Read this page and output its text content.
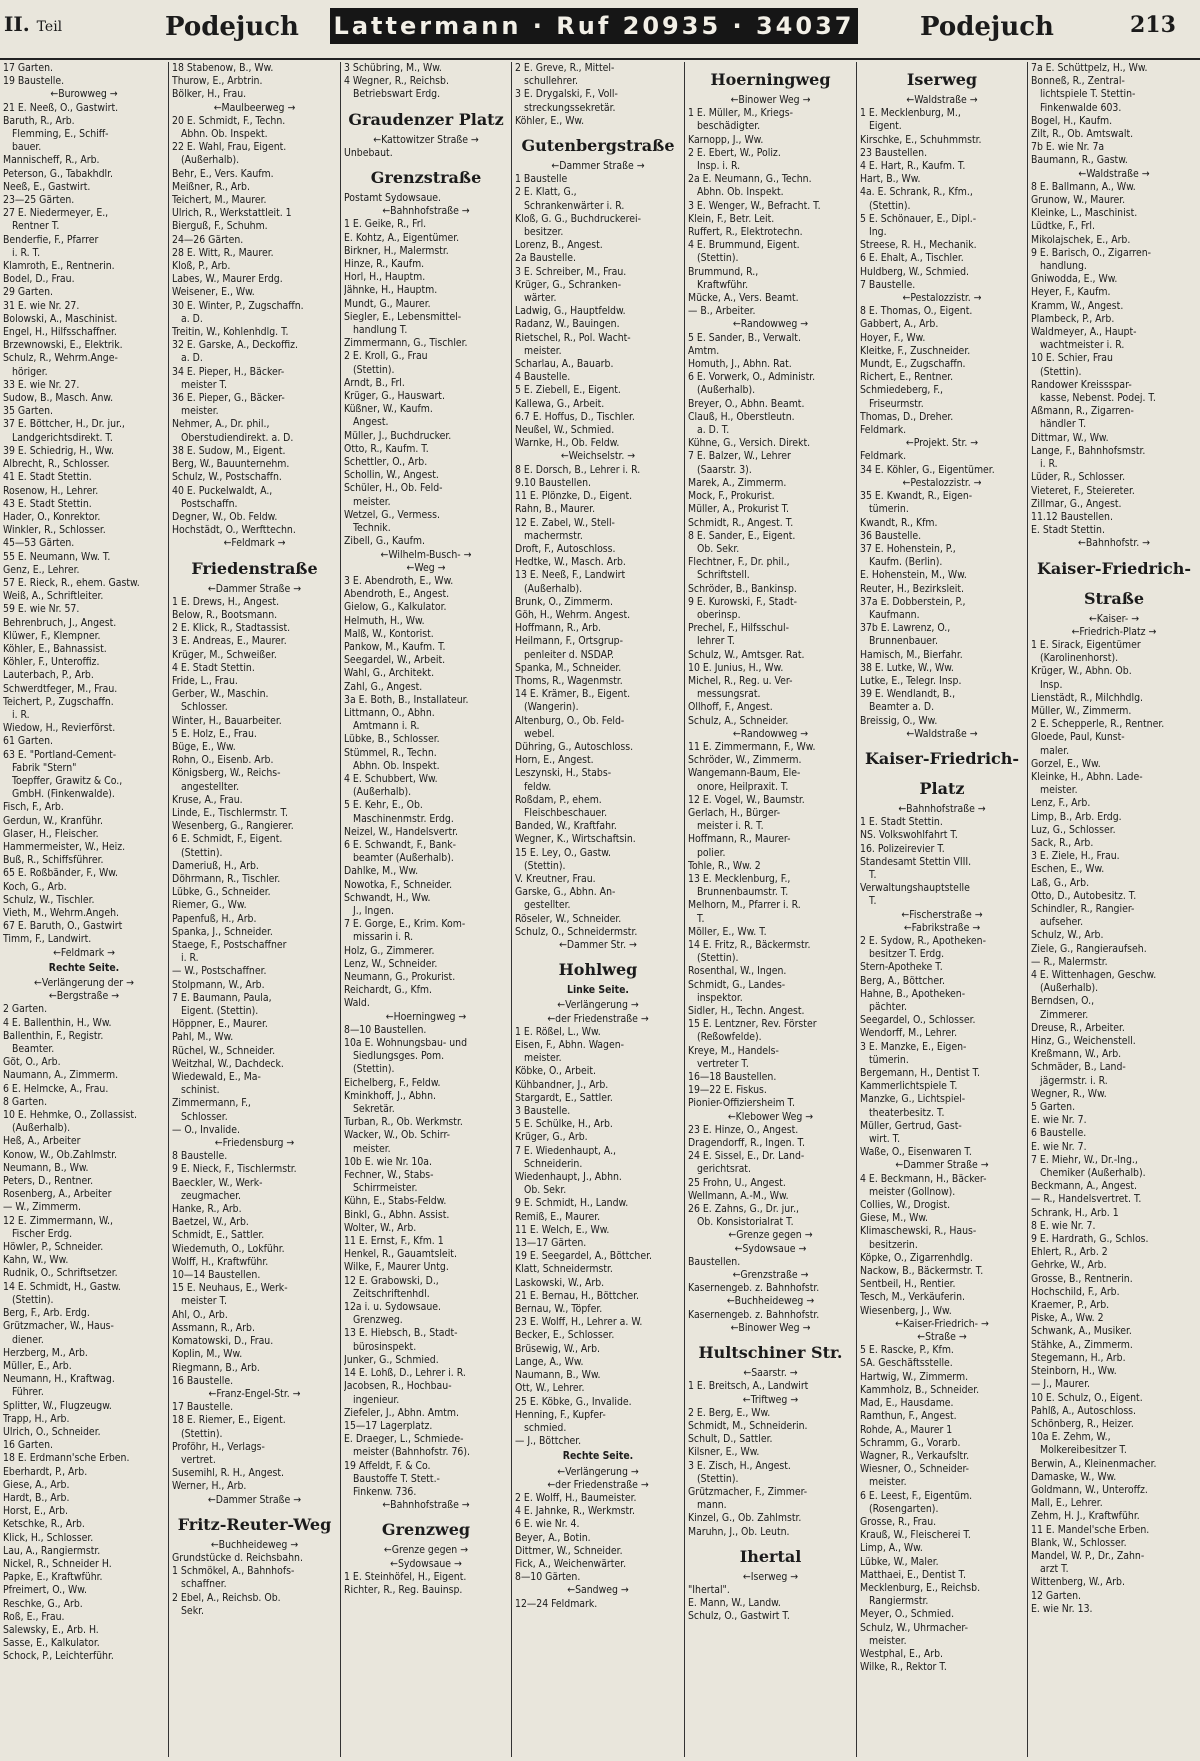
II. Teil	Podejuch Lattermann · Ruf 20935 · 34037	Podejuch	213
17 Garten.
19 Baustelle.
← Burowweg →
21 E. Neeß, O., Gastwirt.
Baruth, R., Arb.
Flemming, E., Schiff-
bauer.
Mannischeff, R., Arb.
Peterson, G., Tabakhdlr.
Neeß, E., Gastwirt.
23—25 Gärten.
27 E. Niedermeyer, E.,
Rentner T.
Benderfie, F., Pfarrer
i. R. T.
Klamroth, E., Rentnerin.
Bodel, D., Frau.
29 Garten.
31 E. wie Nr. 27.
Bolowski, A., Maschinist.
Engel, H., Hilfsschaffner.
Brzewnowski, E., Elektrik.
Schulz, R., Wehrm.Ange-
höriger.
33 E. wie Nr. 27.
Sudow, B., Masch. Anw.
35 Garten.
37 E. Böttcher, H., Dr. jur.,
Landgerichtsdirekt. T.
39 E. Schiedrig, H., Ww.
Albrecht, R., Schlosser.
41 E. Stadt Stettin.
Rosenow, H., Lehrer.
43 E. Stadt Stettin.
Hader, O., Konrektor.
Winkler, R., Schlosser.
45—53 Gärten.
55 E. Neumann, Ww. T.
Genz, E., Lehrer.
57 E. Rieck, R., ehem. Gastw.
Weiß, A., Schriftleiter.
59 E. wie Nr. 57.
Behrenbruch, J., Angest.
Klüwer, F., Klempner.
Köhler, E., Bahnassist.
Köhler, F., Unteroffiz.
Lauterbach, P., Arb.
Schwerdtfeger, M., Frau.
Teichert, P., Zugschaffn.
i. R.
Wiedow, H., Revierförst.
61 Garten.
63 E. "Portland-Cement-
Fabrik "Stern"
Toepffer, Grawitz & Co.,
GmbH. (Finkenwalde).
Fisch, F., Arb.
Gerdun, W., Kranführ.
Glaser, H., Fleischer.
Hammermeister, W., Heiz.
Buß, R., Schiffsführer.
65 E. Roßbänder, F., Ww.
Koch, G., Arb.
Schulz, W., Tischler.
Vieth, M., Wehrm.Angeh.
67 E. Baruth, O., Gastwirt
Timm, F., Landwirt.
← Feldmark →
Rechte Seite.
← Verlängerung der →
← Bergstraße →
2 Garten.
4 E. Ballenthin, H., Ww.
Ballenthin, F., Registr.
Beamter.
Göt, O., Arb.
Naumann, A., Zimmerm.
6 E. Helmcke, A., Frau.
8 Garten.
10 E. Hehmke, O., Zollassist.
(Außerhalb).
Heß, A., Arbeiter
Konow, W., Ob.Zahlmstr.
Neumann, B., Ww.
Peters, D., Rentner.
Rosenberg, A., Arbeiter
— W., Zimmerm.
12 E. Zimmermann, W.,
Fischer Erdg.
Höwler, P., Schneider.
Kahn, W., Ww.
Rudnik, O., Schriftsetzer.
14 E. Schmidt, H., Gastw.
(Stettin).
Berg, F., Arb. Erdg.
Grützmacher, W., Haus-
diener.
Herzberg, M., Arb.
Müller, E., Arb.
Neumann, H., Kraftwag.
Führer.
Splitter, W., Flugzeugw.
Trapp, H., Arb.
Ulrich, O., Schneider.
16 Garten.
18 E. Erdmann'sche Erben.
Eberhardt, P., Arb.
Giese, A., Arb.
Hardt, B., Arb.
Horst, E., Arb.
Ketschke, R., Arb.
Klick, H., Schlosser.
Lau, A., Rangiermstr.
Nickel, R., Schneider H.
Papke, E., Kraftwführ.
Pfreimert, O., Ww.
Reschke, G., Arb.
Roß, E., Frau.
Salewsky, E., Arb. H.
Sasse, E., Kalkulator.
Schock, P., Leichterführ.
18 Stabenow, B., Ww.
Thurow, E., Arbtrin.
Bölker, H., Frau.
← Maulbeerweg →
20 E. Schmidt, F., Techn.
Abhn. Ob. Inspekt.
22 E. Wahl, Frau, Eigent.
(Außerhalb).
Behr, E., Vers. Kaufm.
Meißner, R., Arb.
Teichert, M., Maurer.
Ulrich, R., Werkstattleit. 1
Bierguß, F., Schuhm.
24—26 Gärten.
28 E. Witt, R., Maurer.
Kloß, P., Arb.
Labes, W., Maurer Erdg.
Weisener, E., Ww.
30 E. Winter, P., Zugschaffn.
a. D.
Treitin, W., Kohlenhdlg. T.
32 E. Garske, A., Deckoffiz.
a. D.
34 E. Pieper, H., Bäcker-
meister T.
36 E. Pieper, G., Bäcker-
meister.
Nehmer, A., Dr. phil.,
Oberstudiendirekt. a. D.
38 E. Sudow, M., Eigent.
Berg, W., Bauunternehm.
Schulz, W., Postschaffn.
40 E. Puckelwaldt, A.,
Postschaffn.
Degner, W., Ob. Feldw.
Hochstädt, O., Werfttechn.
← Feldmark →
Friedenstraße
← Dammer Straße →
1 E. Drews, H., Angest.
Below, R., Bootsmann.
2 E. Klick, R., Stadtassist.
3 E. Andreas, E., Maurer.
Krüger, M., Schweißer.
4 E. Stadt Stettin.
Fride, L., Frau.
Gerber, W., Maschin.
Schlosser.
Winter, H., Bauarbeiter.
5 E. Holz, E., Frau.
Büge, E., Ww.
Rohn, O., Eisenb. Arb.
Königsberg, W., Reichs-
angestellter.
Kruse, A., Frau.
Linde, E., Tischlermstr. T.
Wesenberg, G., Rangierer.
6 E. Schmidt, F., Eigent.
(Stettin).
Dameriuß, H., Arb.
Döhrmann, R., Tischler.
Lübke, G., Schneider.
Riemer, G., Ww.
Papenfuß, H., Arb.
Spanka, J., Schneider.
Staege, F., Postschaffner
i. R.
— W., Postschaffner.
Stolpmann, W., Arb.
7 E. Baumann, Paula,
Eigent. (Stettin).
Höppner, E., Maurer.
Pahl, M., Ww.
Rüchel, W., Schneider.
Weitzhal, W., Dachdeck.
Wiedewald, E., Ma-
schinist.
Zimmermann, F.,
Schlosser.
— O., Invalide.
← Friedensburg →
8 Baustelle.
9 E. Nieck, F., Tischlermstr.
Baeckler, W., Werk-
zeugmacher.
Hanke, R., Arb.
Baetzel, W., Arb.
Schmidt, E., Sattler.
Wiedemuth, O., Lokführ.
Wolff, H., Kraftwführ.
10—14 Baustellen.
15 E. Neuhaus, E., Werk-
meister T.
Ahl, O., Arb.
Assmann, R., Arb.
Komatowski, D., Frau.
Koplin, M., Ww.
Riegmann, B., Arb.
16 Baustelle.
← Franz-Engel-Str. →
17 Baustelle.
18 E. Riemer, E., Eigent.
(Stettin).
Proföhr, H., Verlags-
vertret.
Susemihl, R. H., Angest.
Werner, H., Arb.
← Dammer Straße →
Fritz-Reuter-Weg
← Buchheideweg →
Grundstücke d. Reichsbahn.
1 Schmökel, A., Bahnhofs-
schaffner.
2 Ebel, A., Reichsb. Ob.
Sekr.
3 Schübring, M., Ww.
4 Wegner, R., Reichsb.
Betriebswart Erdg.
Graudenzer Platz
← Kattowitzer Straße →
Unbebaut.
Grenzstraße
Postamt Sydowsaue.
← Bahnhofstraße →
1 E. Geike, R., Frl.
E. Kohtz, A., Eigentümer.
Birkner, H., Malermstr.
Hinze, R., Kaufm.
Horl, H., Hauptm.
Jähnke, H., Hauptm.
Mundt, G., Maurer.
Siegler, E., Lebensmittel-
handlung T.
Zimmermann, G., Tischler.
2 E. Kroll, G., Frau
(Stettin).
Arndt, B., Frl.
Krüger, G., Hauswart.
Küßner, W., Kaufm.
Angest.
Müller, J., Buchdrucker.
Otto, R., Kaufm. T.
Schettler, O., Arb.
Schollin, W., Angest.
Schüler, H., Ob. Feld-
meister.
Wetzel, G., Vermess.
Technik.
Zibell, G., Kaufm.
← Wilhelm-Busch- →
← Weg →
3 E. Abendroth, E., Ww.
Abendroth, E., Angest.
Gielow, G., Kalkulator.
Helmuth, H., Ww.
Malß, W., Kontorist.
Pankow, M., Kaufm. T.
Seegardel, W., Arbeit.
Wahl, G., Architekt.
Zahl, G., Angest.
3a E. Both, B., Installateur.
Littmann, O., Abhn.
Amtmann i. R.
Lübke, B., Schlosser.
Stümmel, R., Techn.
Abhn. Ob. Inspekt.
4 E. Schubbert, Ww.
(Außerhalb).
5 E. Kehr, E., Ob.
Maschinenmstr. Erdg.
Neizel, W., Handelsvertr.
6 E. Schwandt, F., Bank-
beamter (Außerhalb).
Dahlke, M., Ww.
Nowotka, F., Schneider.
Schwandt, H., Ww.
J., Ingen.
7 E. Gorge, E., Krim. Kom-
missarin i. R.
Holz, G., Zimmerer.
Lenz, W., Schneider.
Neumann, G., Prokurist.
Reichardt, G., Kfm.
Wald.
← Hoerningweg →
8—10 Baustellen.
10a E. Wohnungsbau- und
Siedlungsges. Pom.
(Stettin).
Eichelberg, F., Feldw.
Kminkhoff, J., Abhn.
Sekretär.
Turban, R., Ob. Werkmstr.
Wacker, W., Ob. Schirr-
meister.
10b E. wie Nr. 10a.
Fechner, W., Stabs-
Schirrmeister.
Kühn, E., Stabs-Feldw.
Binkl, G., Abhn. Assist.
Wolter, W., Arb.
11 E. Ernst, F., Kfm. 1
Henkel, R., Gauamtsleit.
Wilke, F., Maurer Untg.
12 E. Grabowski, D.,
Zeitschriftenhdl.
12a i. u. Sydowsaue.
Grenzweg.
13 E. Hiebsch, B., Stadt-
bürosinspekt.
Junker, G., Schmied.
14 E. Lohß, D., Lehrer i. R.
Jacobsen, R., Hochbau-
ingenieur.
Ziefeler, J., Abhn. Amtm.
15—17 Lagerplatz.
E. Draeger, L., Schmiede-
meister (Bahnhofstr. 76).
19 Affeldt, F. & Co.
Baustoffe T. Stett.-
Finkenw. 736.
← Bahnhofstraße →
Grenzweg
← Grenze gegen →
← Sydowsaue →
1 E. Steinhöfel, H., Eigent.
Richter, R., Reg. Bauinsp.
2 E. Greve, R., Mittel-
schullehrer.
3 E. Drygalski, F., Voll-
streckungssekretär.
Köhler, E., Ww.
Gutenbergstraße
← Dammer Straße →
1 Baustelle
2 E. Klatt, G.,
Schrankenwärter i. R.
Kloß, G. G., Buchdruckerei-
besitzer.
Lorenz, B., Angest.
2a Baustelle.
3 E. Schreiber, M., Frau.
Krüger, G., Schranken-
wärter.
Ladwig, G., Hauptfeldw.
Radanz, W., Bauingen.
Rietschel, R., Pol. Wacht-
meister.
Scharlau, A., Bauarb.
4 Baustelle.
5 E. Ziebell, E., Eigent.
Kallewa, G., Arbeit.
6.7 E. Hoffus, D., Tischler.
Neußel, W., Schmied.
Warnke, H., Ob. Feldw.
← Weichselstr. →
8 E. Dorsch, B., Lehrer i. R.
9.10 Baustellen.
11 E. Plönzke, D., Eigent.
Rahn, B., Maurer.
12 E. Zabel, W., Stell-
machermstr.
Droft, F., Autoschloss.
Hedtke, W., Masch. Arb.
13 E. Neeß, F., Landwirt
(Außerhalb).
Brunk, O., Zimmerm.
Göh, H., Wehrm. Angest.
Hoffmann, R., Arb.
Heilmann, F., Ortsgrup-
penleiter d. NSDAP.
Spanka, M., Schneider.
Thoms, R., Wagenmstr.
14 E. Krämer, B., Eigent.
(Wangerin).
Altenburg, O., Ob. Feld-
webel.
Dühring, G., Autoschloss.
Horn, E., Angest.
Leszynski, H., Stabs-
feldw.
Roßdam, P., ehem.
Fleischbeschauer.
Banded, W., Kraftfahr.
Wegner, K., Wirtschaftsin.
15 E. Ley, O., Gastw.
(Stettin).
V. Kreutner, Frau.
Garske, G., Abhn. An-
gestellter.
Röseler, W., Schneider.
Schulz, O., Schneidermstr.
← Dammer Str. →
Hohlweg
Linke Seite.
← Verlängerung →
← der Friedenstraße →
1 E. Rößel, L., Ww.
Eisen, F., Abhn. Wagen-
meister.
Köbke, O., Arbeit.
Kühbandner, J., Arb.
Stargardt, E., Sattler.
3 Baustelle.
5 E. Schülke, H., Arb.
Krüger, G., Arb.
7 E. Wiedenhaupt, A.,
Schneiderin.
Wiedenhaupt, J., Abhn.
Ob. Sekr.
9 E. Schmidt, H., Landw.
Remiß, E., Maurer.
11 E. Welch, E., Ww.
13—17 Gärten.
19 E. Seegardel, A., Böttcher.
Klatt, Schneidermstr.
Laskowski, W., Arb.
21 E. Bernau, H., Böttcher.
Bernau, W., Töpfer.
23 E. Wolff, H., Lehrer a. W.
Becker, E., Schlosser.
Brüsewig, W., Arb.
Lange, A., Ww.
Naumann, B., Ww.
Ott, W., Lehrer.
25 E. Köbke, G., Invalide.
Henning, F., Kupfer-
schmied.
— J., Böttcher.
Rechte Seite.
← Verlängerung →
← der Friedenstraße →
2 E. Wolff, H., Baumeister.
4 E. Jahnke, R., Werkmstr.
6 E. wie Nr. 4.
Beyer, A., Botin.
Dittmer, W., Schneider.
Fick, A., Weichenwärter.
8—10 Gärten.
← Sandweg →
12—24 Feldmark.
Hoerningweg
← Binower Weg →
1 E. Müller, M., Kriegs-
beschädigter.
Karnopp, J., Ww.
2 E. Ebert, W., Poliz.
Insp. i. R.
2a E. Neumann, G., Techn.
Abhn. Ob. Inspekt.
3 E. Wenger, W., Befracht. T.
Klein, F., Betr. Leit.
Ruffert, R., Elektrotechn.
4 E. Brummund, Eigent.
(Stettin).
Brummund, R.,
Kraftwführ.
Mücke, A., Vers. Beamt.
— B., Arbeiter.
← Randowweg →
5 E. Sander, B., Verwalt.
Amtm.
Homuth, J., Abhn. Rat.
6 E. Vorwerk, O., Administr.
(Außerhalb).
Breyer, O., Abhn. Beamt.
Clauß, H., Oberstleutn.
a. D. T.
Kühne, G., Versich. Direkt.
7 E. Balzer, W., Lehrer
(Saarstr. 3).
Marek, A., Zimmerm.
Mock, F., Prokurist.
Müller, A., Prokurist T.
Schmidt, R., Angest. T.
8 E. Sander, E., Eigent.
Ob. Sekr.
Flechtner, F., Dr. phil.,
Schriftstell.
Schröder, B., Bankinsp.
9 E. Kurowski, F., Stadt-
oberinsp.
Prechel, F., Hilfsschul-
lehrer T.
Schulz, W., Amtsger. Rat.
10 E. Junius, H., Ww.
Michel, R., Reg. u. Ver-
messungsrat.
Ollhoff, F., Angest.
Schulz, A., Schneider.
← Randowweg →
11 E. Zimmermann, F., Ww.
Schröder, W., Zimmerm.
Wangemann-Baum, Ele-
onore, Heilpraxit. T.
12 E. Vogel, W., Baumstr.
Gerlach, H., Bürger-
meister i. R. T.
Hoffmann, R., Maurer-
polier.
Tohle, R., Ww. 2
13 E. Mecklenburg, F.,
Brunnenbaumstr. T.
Melhorn, M., Pfarrer i. R.
T.
Möller, E., Ww. T.
14 E. Fritz, R., Bäckermstr.
(Stettin).
Rosenthal, W., Ingen.
Schmidt, G., Landes-
inspektor.
Sidler, H., Techn. Angest.
15 E. Lentzner, Rev. Förster
(Reßowfelde).
Kreye, M., Handels-
vertreter T.
16—18 Baustellen.
19—22 E. Fiskus.
Pionier-Offiziersheim T.
← Klebower Weg →
23 E. Hinze, O., Angest.
Dragendorff, R., Ingen. T.
24 E. Sissel, E., Dr. Land-
gerichtsrat.
25 Frohn, U., Angest.
Wellmann, A.-M., Ww.
26 E. Zahns, G., Dr. jur.,
Ob. Konsistorialrat T.
← Grenze gegen →
← Sydowsaue →
Baustellen.
← Grenzstraße →
Kasernengeb. z. Bahnhofstr.
← Buchheideweg →
Kasernengeb. z. Bahnhofstr.
← Binower Weg →
Hultschiner Str.
← Saarstr. →
1 E. Breitsch, A., Landwirt
← Triftweg →
2 E. Berg, E., Ww.
Schmidt, M., Schneiderin.
Schult, D., Sattler.
Kilsner, E., Ww.
3 E. Zisch, H., Angest.
(Stettin).
Grützmacher, F., Zimmer-
mann.
Kinzel, G., Ob. Zahlmstr.
Maruhn, J., Ob. Leutn.
Ihertal
← Iserweg →
"Ihertal".
E. Mann, W., Landw.
Schulz, O., Gastwirt T.
Iserweg
← Waldstraße →
1 E. Mecklenburg, M.,
Eigent.
Kirschke, E., Schuhmmstr.
23 Baustellen.
4 E. Hart, R., Kaufm. T.
Hart, B., Ww.
4a. E. Schrank, R., Kfm.,
(Stettin).
5 E. Schönauer, E., Dipl.-
Ing.
Streese, R. H., Mechanik.
6 E. Ehalt, A., Tischler.
Huldberg, W., Schmied.
7 Baustelle.
← Pestalozzistr. →
8 E. Thomas, O., Eigent.
Gabbert, A., Arb.
Hoyer, F., Ww.
Kleitke, F., Zuschneider.
Mundt, E., Zugschaffn.
Richert, E., Rentner.
Schmiedeberg, F.,
Friseurmstr.
Thomas, D., Dreher.
Feldmark.
← Projekt. Str. →
Feldmark.
34 E. Köhler, G., Eigentümer.
← Pestalozzistr. →
35 E. Kwandt, R., Eigen-
tümerin.
Kwandt, R., Kfm.
36 Baustelle.
37 E. Hohenstein, P.,
Kaufm. (Berlin).
E. Hohenstein, M., Ww.
Reuter, H., Bezirksleit.
37a E. Dobberstein, P.,
Kaufmann.
37b E. Lawrenz, O.,
Brunnenbauer.
Hamisch, M., Bierfahr.
38 E. Lutke, W., Ww.
Lutke, E., Telegr. Insp.
39 E. Wendlandt, B.,
Beamter a. D.
Breissig, O., Ww.
← Waldstraße →
Kaiser-Friedrich-
Platz
← Bahnhofstraße →
1 E. Stadt Stettin.
NS. Volkswohlfahrt T.
16. Polizeirevier T.
Standesamt Stettin VIII.
T.
Verwaltungshauptstelle
T.
← Fischerstraße →
← Fabrikstraße →
2 E. Sydow, R., Apotheken-
besitzer T. Erdg.
Stern-Apotheke T.
Berg, A., Böttcher.
Hahne, B., Apotheken-
pächter.
Seegardel, O., Schlosser.
Wendorff, M., Lehrer.
3 E. Manzke, E., Eigen-
tümerin.
Bergemann, H., Dentist T.
Kammerlichtspiele T.
Manzke, G., Lichtspiel-
theaterbesitz. T.
Müller, Gertrud, Gast-
wirt. T.
Waße, O., Eisenwaren T.
← Dammer Straße →
4 E. Beckmann, H., Bäcker-
meister (Gollnow).
Collies, W., Drogist.
Giese, M., Ww.
Klimaschewski, R., Haus-
besitzerin.
Köpke, O., Zigarrenhdlg.
Nackow, B., Bäckermstr. T.
Sentbeil, H., Rentier.
Tesch, M., Verkäuferin.
Wiesenberg, J., Ww.
← Kaiser-Friedrich- →
← Straße →
5 E. Rascke, P., Kfm.
SA. Geschäftsstelle.
Hartwig, W., Zimmerm.
Kammholz, B., Schneider.
Mad, E., Hausdame.
Ramthun, F., Angest.
Rohde, A., Maurer 1
Schramm, G., Vorarb.
Wagner, R., Verkaufsltr.
Wiesner, O., Schneider-
meister.
6 E. Leest, F., Eigentüm.
(Rosengarten).
Grosse, R., Frau.
Krauß, W., Fleischerei T.
Limp, A., Ww.
Lübke, W., Maler.
Matthaei, E., Dentist T.
Mecklenburg, E., Reichsb.
Rangiermstr.
Meyer, O., Schmied.
Schulz, W., Uhrmacher-
meister.
Westphal, E., Arb.
Wilke, R., Rektor T.
7a E. Schüttpelz, H., Ww.
Bonneß, R., Zentral-
lichtspiele T. Stettin-
Finkenwalde 603.
Bogel, H., Kaufm.
Zilt, R., Ob. Amtswalt.
7b E. wie Nr. 7a
Baumann, R., Gastw.
← Waldstraße →
8 E. Ballmann, A., Ww.
Grunow, W., Maurer.
Kleinke, L., Maschinist.
Lüdtke, F., Frl.
Mikolajschek, E., Arb.
9 E. Barisch, O., Zigarren-
handlung.
Gniwodda, E., Ww.
Heyer, F., Kaufm.
Kramm, W., Angest.
Plambeck, P., Arb.
Waldmeyer, A., Haupt-
wachtmeister i. R.
10 E. Schier, Frau
(Stettin).
Randower Kreissspar-
kasse, Nebenst. Podej. T.
Aßmann, R., Zigarren-
händler T.
Dittmar, W., Ww.
Lange, F., Bahnhofsmstr.
i. R.
Lüder, R., Schlosser.
Vieteret, F., Steiereter.
Zillmar, G., Angest.
11.12 Baustellen.
E. Stadt Stettin.
← Bahnhofstr. →
Kaiser-Friedrich-
Straße
← Kaiser- →
← Friedrich-Platz →
1 E. Sirack, Eigentümer
(Karolinenhorst).
Krüger, W., Abhn. Ob.
Insp.
Lienstädt, R., Milchhdlg.
Müller, W., Zimmerm.
2 E. Schepperle, R., Rentner.
Gloede, Paul, Kunst-
maler.
Gorzel, E., Ww.
Kleinke, H., Abhn. Lade-
meister.
Lenz, F., Arb.
Limp, B., Arb. Erdg.
Luz, G., Schlosser.
Sack, R., Arb.
3 E. Ziele, H., Frau.
Eschen, E., Ww.
Laß, G., Arb.
Otto, D., Autobesitz. T.
Schindler, R., Rangier-
aufseher.
Schulz, W., Arb.
Ziele, G., Rangieraufseh.
— R., Malermstr.
4 E. Wittenhagen, Geschw.
(Außerhalb).
Berndsen, O.,
Zimmerer.
Dreuse, R., Arbeiter.
Hinz, G., Weichenstell.
Kreßmann, W., Arb.
Schmäder, B., Land-
jägermstr. i. R.
Wegner, R., Ww.
5 Garten.
E. wie Nr. 7.
6 Baustelle.
E. wie Nr. 7.
7 E. Miehr, W., Dr.-Ing.,
Chemiker (Außerhalb).
Beckmann, A., Angest.
— R., Handelsvertret. T.
Schrank, H., Arb. 1
8 E. wie Nr. 7.
9 E. Hardrath, G., Schlos.
Ehlert, R., Arb. 2
Gehrke, W., Arb.
Grosse, B., Rentnerin.
Hochschild, F., Arb.
Kraemer, P., Arb.
Piske, A., Ww. 2
Schwank, A., Musiker.
Stähke, A., Zimmerm.
Stegemann, H., Arb.
Steinborn, H., Ww.
— J., Maurer.
10 E. Schulz, O., Eigent.
Pahlß, A., Autoschloss.
Schönberg, R., Heizer.
10a E. Zehm, W.,
Molkereibesitzer T.
Berwin, A., Kleinenmacher.
Damaske, W., Ww.
Goldmann, W., Unteroffz.
Mall, E., Lehrer.
Zehm, H. J., Kraftwführ.
11 E. Mandel'sche Erben.
Blank, W., Schlosser.
Mandel, W. P., Dr., Zahn-
arzt T.
Wittenberg, W., Arb.
12 Garten.
E. wie Nr. 13.
